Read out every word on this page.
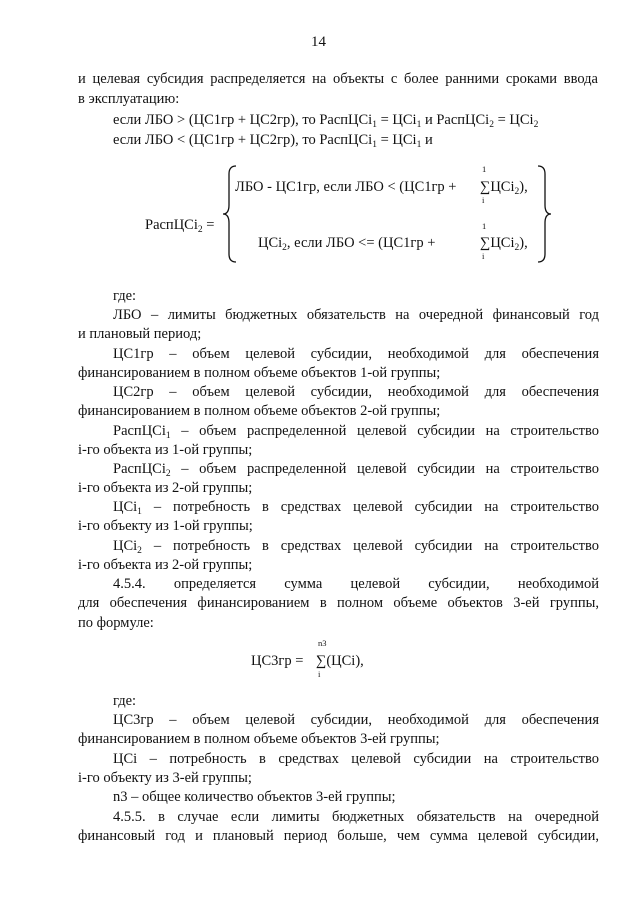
14
и целевая субсидия распределяется на объекты с более ранними сроками ввода
в эксплуатацию:
если ЛБО > (ЦС1гр + ЦС2гр), то РаспЦСi$_1$ = ЦСi$_1$ и РаспЦСi$_2$ = ЦСi$_2$
если ЛБО < (ЦС1гр + ЦС2гр), то РаспЦСi$_1$ = ЦСi$_1$ и
РаспЦСi$_2$ =
ЛБО - ЦС1гр, если ЛБО < (ЦС1гр +
1
∑ЦСi$_2$),
i
ЦСi$_2$, если ЛБО <= (ЦС1гр +
1
∑ЦСi$_2$),
i
где:
ЛБО – лимиты бюджетных обязательств на очередной финансовый год
и плановый период;
ЦС1гр – объем целевой субсидии, необходимой для обеспечения
финансированием в полном объеме объектов 1-ой группы;
ЦС2гр – объем целевой субсидии, необходимой для обеспечения
финансированием в полном объеме объектов 2-ой группы;
РаспЦСi$_1$ – объем распределенной целевой субсидии на строительство
i-го объекта из 1-ой группы;
РаспЦСi$_2$ – объем распределенной целевой субсидии на строительство
i-го объекта из 2-ой группы;
ЦСi$_1$ – потребность в средствах целевой субсидии на строительство
i-го объекту из 1-ой группы;
ЦСi$_2$ – потребность в средствах целевой субсидии на строительство
i-го объекта из 2-ой группы;
4.5.4. определяется сумма целевой субсидии, необходимой
для обеспечения финансированием в полном объеме объектов 3-ей группы,
по формуле:
ЦС3гр =
n3
∑(ЦСi),
i
где:
ЦС3гр – объем целевой субсидии, необходимой для обеспечения
финансированием в полном объеме объектов 3-ей группы;
ЦСi – потребность в средствах целевой субсидии на строительство
i-го объекту из 3-ей группы;
n3 – общее количество объектов 3-ей группы;
4.5.5. в случае если лимиты бюджетных обязательств на очередной
финансовый год и плановый период больше, чем сумма целевой субсидии,
